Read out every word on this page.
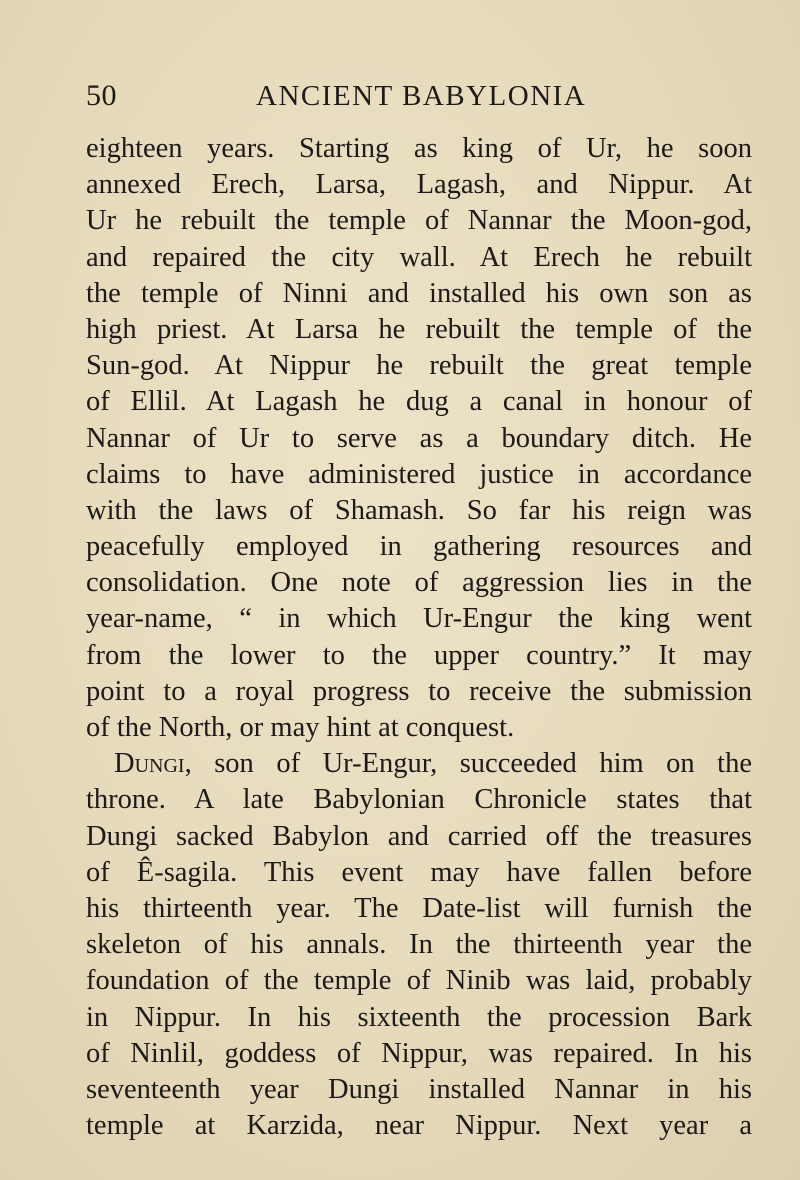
50	ANCIENT BABYLONIA
eighteen years. Starting as king of Ur, he soon
annexed Erech, Larsa, Lagash, and Nippur. At
Ur he rebuilt the temple of Nannar the Moon-god,
and repaired the city wall. At Erech he rebuilt
the temple of Ninni and installed his own son as
high priest. At Larsa he rebuilt the temple of the
Sun-god. At Nippur he rebuilt the great temple
of Ellil. At Lagash he dug a canal in honour of
Nannar of Ur to serve as a boundary ditch. He
claims to have administered justice in accordance
with the laws of Shamash. So far his reign was
peacefully employed in gathering resources and
consolidation. One note of aggression lies in the
year-name, “ in which Ur-Engur the king went
from the lower to the upper country.” It may
point to a royal progress to receive the submission
of the North, or may hint at conquest.
Dungi, son of Ur-Engur, succeeded him on the
throne. A late Babylonian Chronicle states that
Dungi sacked Babylon and carried off the treasures
of Ê-sagila. This event may have fallen before
his thirteenth year. The Date-list will furnish the
skeleton of his annals. In the thirteenth year the
foundation of the temple of Ninib was laid, probably
in Nippur. In his sixteenth the procession Bark
of Ninlil, goddess of Nippur, was repaired. In his
seventeenth year Dungi installed Nannar in his
temple at Karzida, near Nippur. Next year a
